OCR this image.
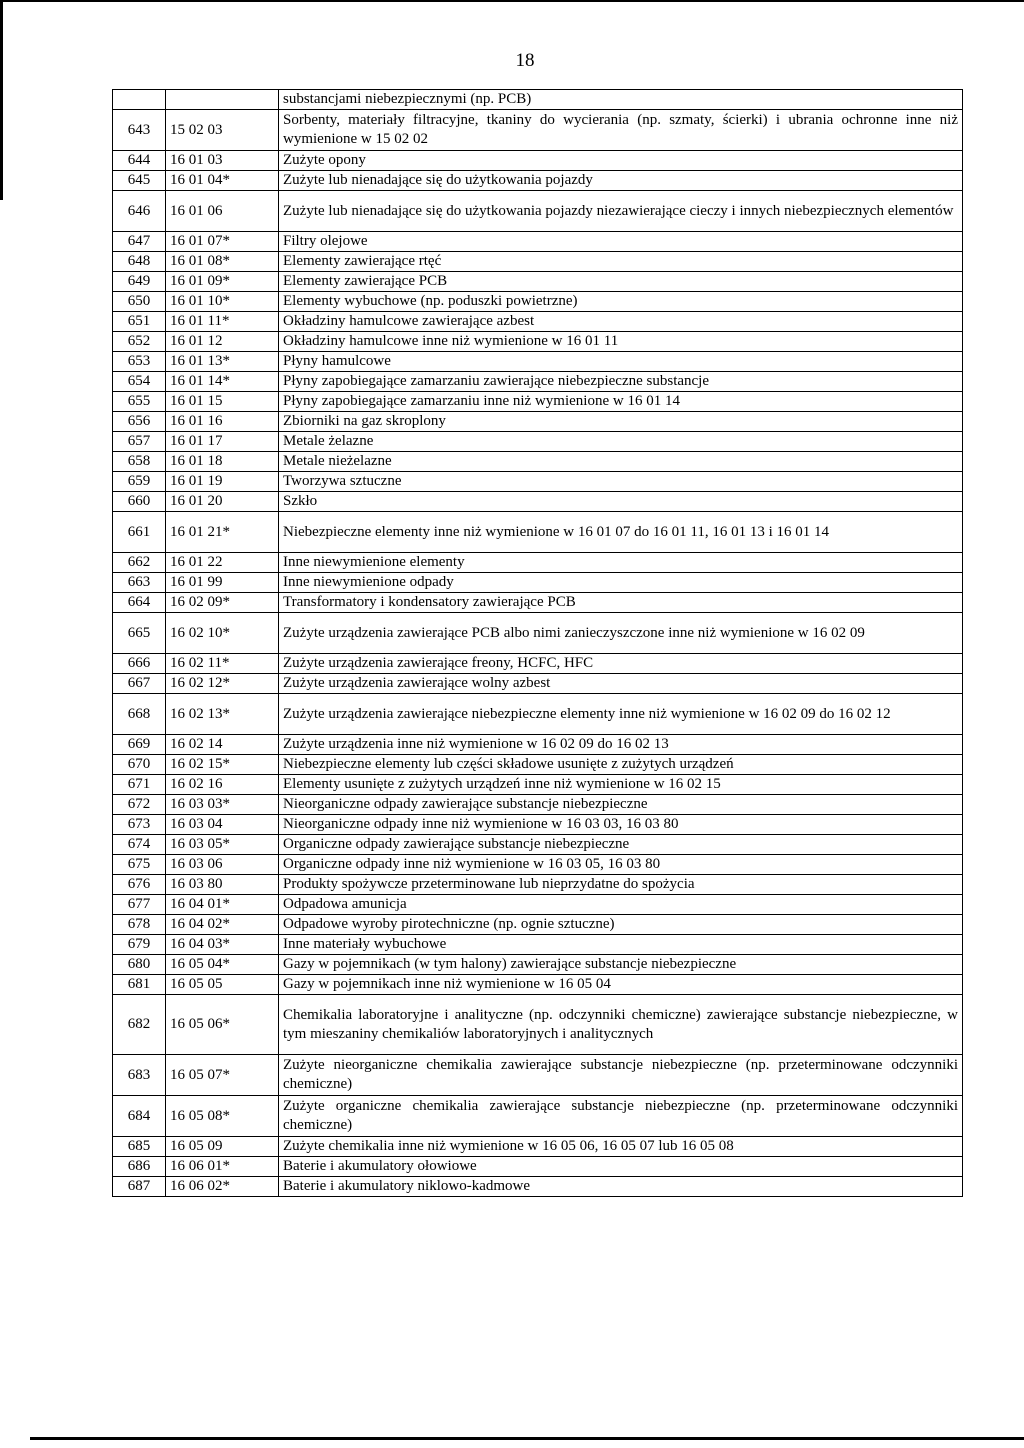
18
		substancjami niebezpiecznymi (np. PCB)
643	15 02 03	Sorbenty, materiały filtracyjne, tkaniny do wycierania (np. szmaty, ścierki) i ubrania ochronne inne niż wymienione w 15 02 02
644	16 01 03	Zużyte opony
645	16 01 04*	Zużyte lub nienadające się do użytkowania pojazdy
646	16 01 06	Zużyte lub nienadające się do użytkowania pojazdy niezawierające cieczy i innych niebezpiecznych elementów
647	16 01 07*	Filtry olejowe
648	16 01 08*	Elementy zawierające rtęć
649	16 01 09*	Elementy zawierające PCB
650	16 01 10*	Elementy wybuchowe (np. poduszki powietrzne)
651	16 01 11*	Okładziny hamulcowe zawierające azbest
652	16 01 12	Okładziny hamulcowe inne niż wymienione w 16 01 11
653	16 01 13*	Płyny hamulcowe
654	16 01 14*	Płyny zapobiegające zamarzaniu zawierające niebezpieczne substancje
655	16 01 15	Płyny zapobiegające zamarzaniu inne niż wymienione w 16 01 14
656	16 01 16	Zbiorniki na gaz skroplony
657	16 01 17	Metale żelazne
658	16 01 18	Metale nieżelazne
659	16 01 19	Tworzywa sztuczne
660	16 01 20	Szkło
661	16 01 21*	Niebezpieczne elementy inne niż wymienione w 16 01 07 do 16 01 11, 16 01 13 i 16 01 14
662	16 01 22	Inne niewymienione elementy
663	16 01 99	Inne niewymienione odpady
664	16 02 09*	Transformatory i kondensatory zawierające PCB
665	16 02 10*	Zużyte urządzenia zawierające PCB albo nimi zanieczyszczone inne niż wymienione w 16 02 09
666	16 02 11*	Zużyte urządzenia zawierające freony, HCFC, HFC
667	16 02 12*	Zużyte urządzenia zawierające wolny azbest
668	16 02 13*	Zużyte urządzenia zawierające niebezpieczne elementy inne niż wymienione w 16 02 09 do 16 02 12
669	16 02 14	Zużyte urządzenia inne niż wymienione w 16 02 09 do 16 02 13
670	16 02 15*	Niebezpieczne elementy lub części składowe usunięte z zużytych urządzeń
671	16 02 16	Elementy usunięte z zużytych urządzeń inne niż wymienione w 16 02 15
672	16 03 03*	Nieorganiczne odpady zawierające substancje niebezpieczne
673	16 03 04	Nieorganiczne odpady inne niż wymienione w 16 03 03, 16 03 80
674	16 03 05*	Organiczne odpady zawierające substancje niebezpieczne
675	16 03 06	Organiczne odpady inne niż wymienione w 16 03 05, 16 03 80
676	16 03 80	Produkty spożywcze przeterminowane lub nieprzydatne do spożycia
677	16 04 01*	Odpadowa amunicja
678	16 04 02*	Odpadowe wyroby pirotechniczne (np. ognie sztuczne)
679	16 04 03*	Inne materiały wybuchowe
680	16 05 04*	Gazy w pojemnikach (w tym halony) zawierające substancje niebezpieczne
681	16 05 05	Gazy w pojemnikach inne niż wymienione w 16 05 04
682	16 05 06*	Chemikalia laboratoryjne i analityczne (np. odczynniki chemiczne) zawierające substancje niebezpieczne, w tym mieszaniny chemikaliów laboratoryjnych i analitycznych
683	16 05 07*	Zużyte nieorganiczne chemikalia zawierające substancje niebezpieczne (np. przeterminowane odczynniki chemiczne)
684	16 05 08*	Zużyte organiczne chemikalia zawierające substancje niebezpieczne (np. przeterminowane odczynniki chemiczne)
685	16 05 09	Zużyte chemikalia inne niż wymienione w 16 05 06, 16 05 07 lub 16 05 08
686	16 06 01*	Baterie i akumulatory ołowiowe
687	16 06 02*	Baterie i akumulatory niklowo-kadmowe
